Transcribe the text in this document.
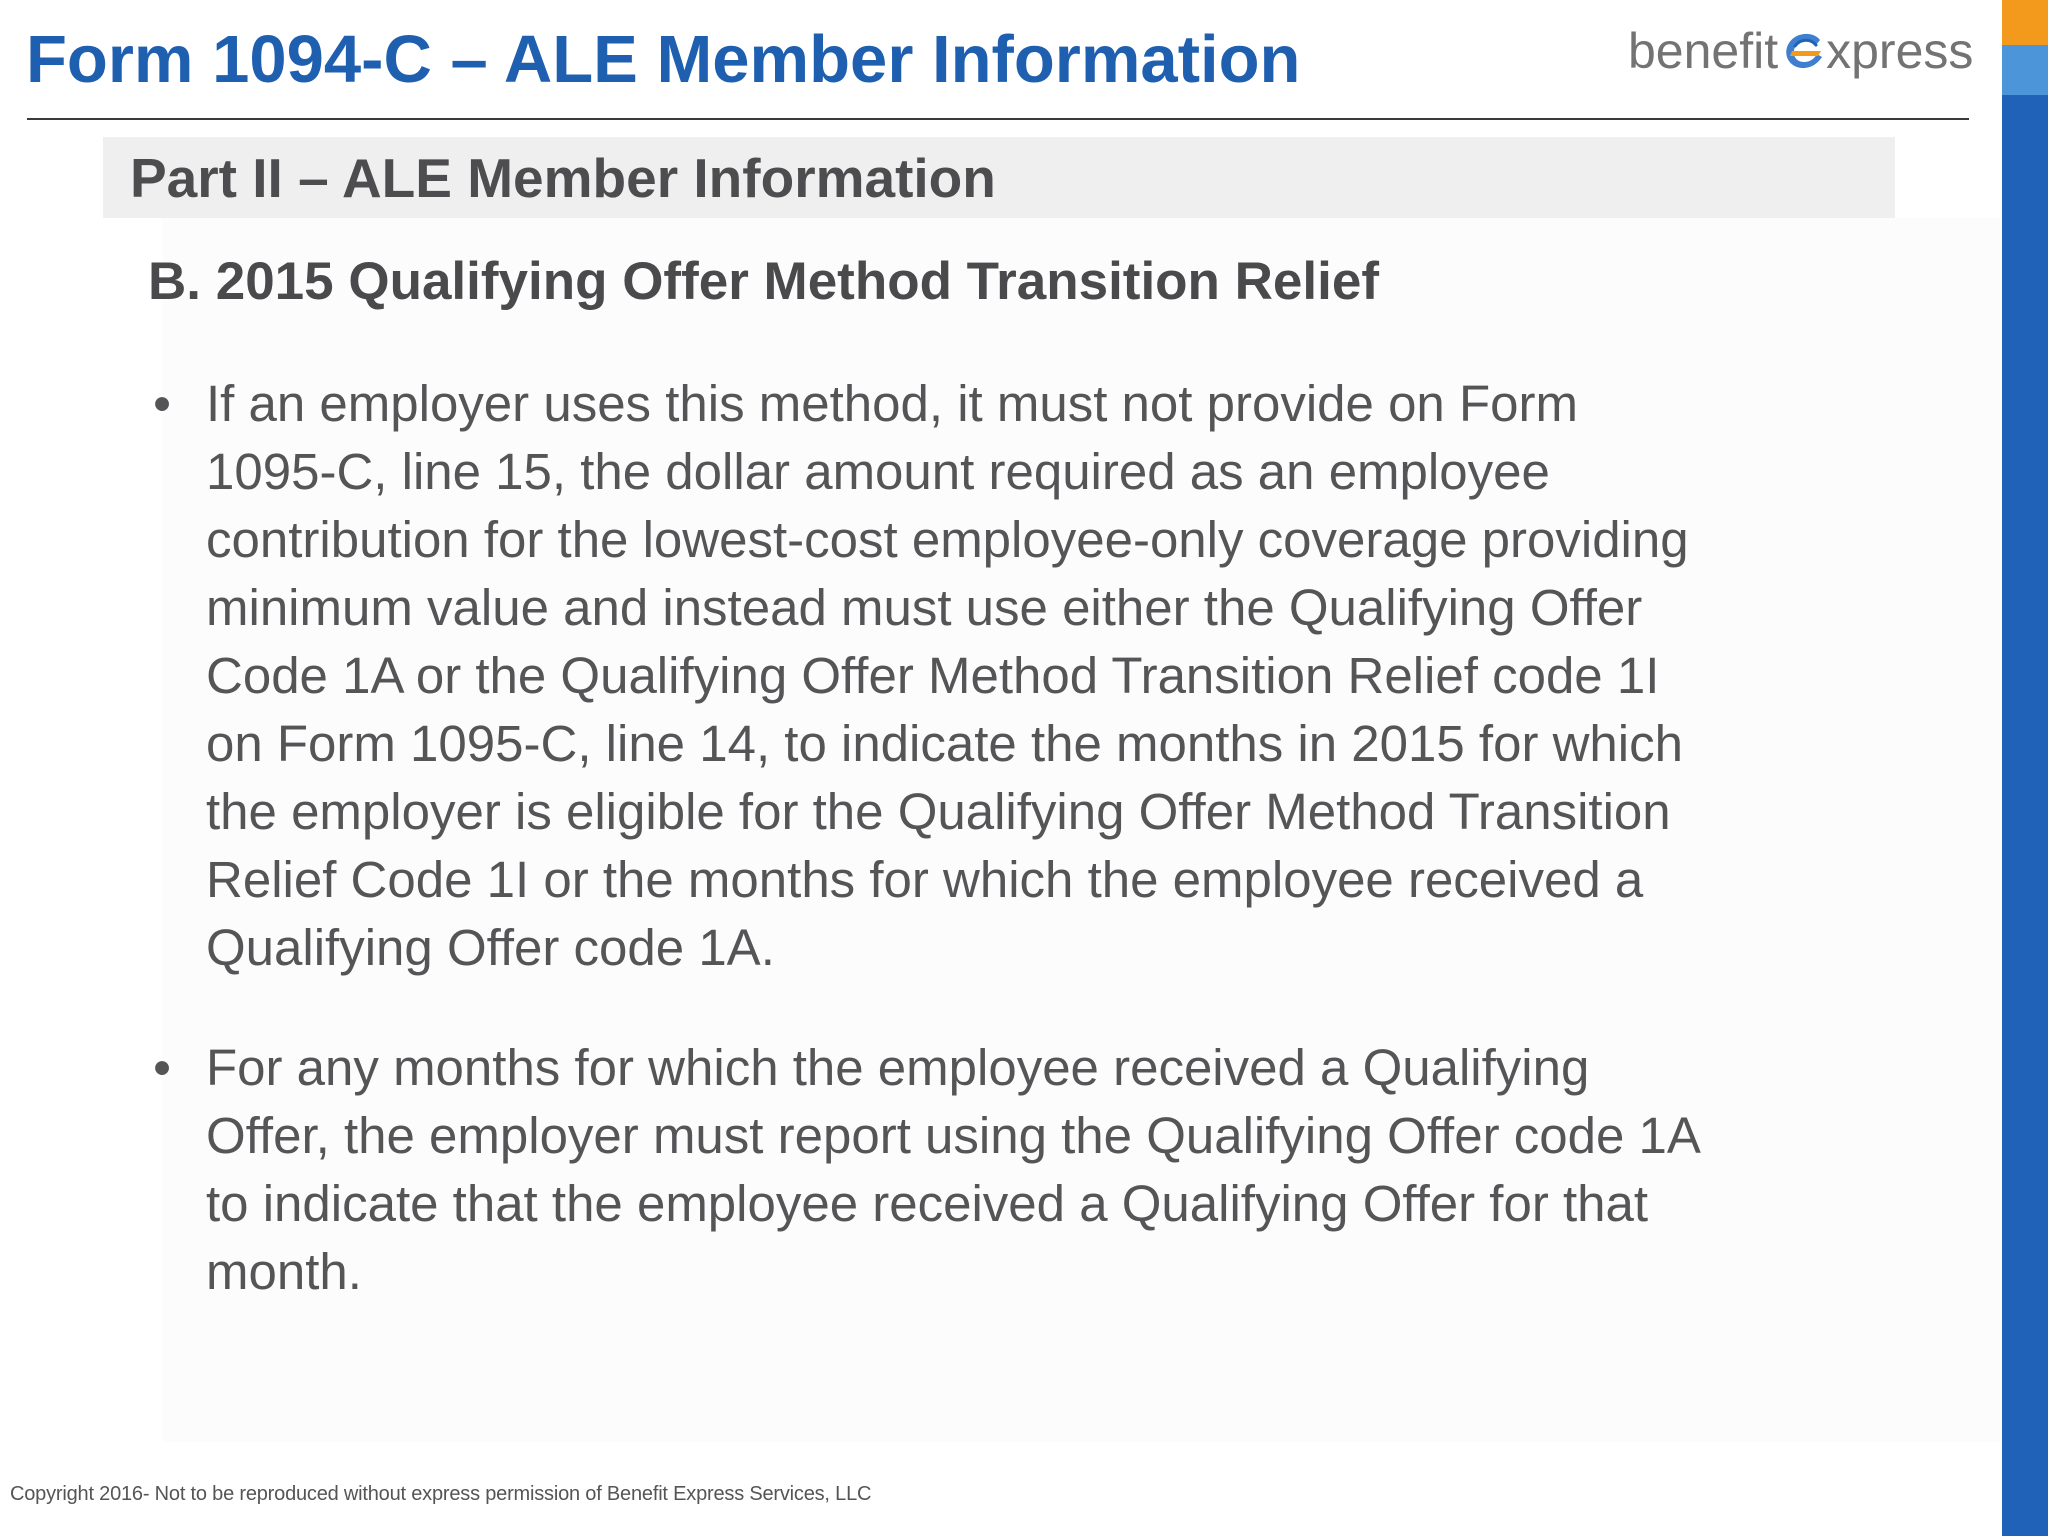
Form 1094-C – ALE Member Information	benefit xpress
Part II – ALE Member Information
B. 2015 Qualifying Offer Method Transition Relief
• If an employer uses this method, it must not provide on Form
1095-C, line 15, the dollar amount required as an employee
contribution for the lowest-cost employee-only coverage providing
minimum value and instead must use either the Qualifying Offer
Code 1A or the Qualifying Offer Method Transition Relief code 1I
on Form 1095-C, line 14, to indicate the months in 2015 for which
the employer is eligible for the Qualifying Offer Method Transition
Relief Code 1I or the months for which the employee received a
Qualifying Offer code 1A.
• For any months for which the employee received a Qualifying
Offer, the employer must report using the Qualifying Offer code 1A
to indicate that the employee received a Qualifying Offer for that
month.

Copyright 2016- Not to be reproduced without express permission of Benefit Express Services, LLC
